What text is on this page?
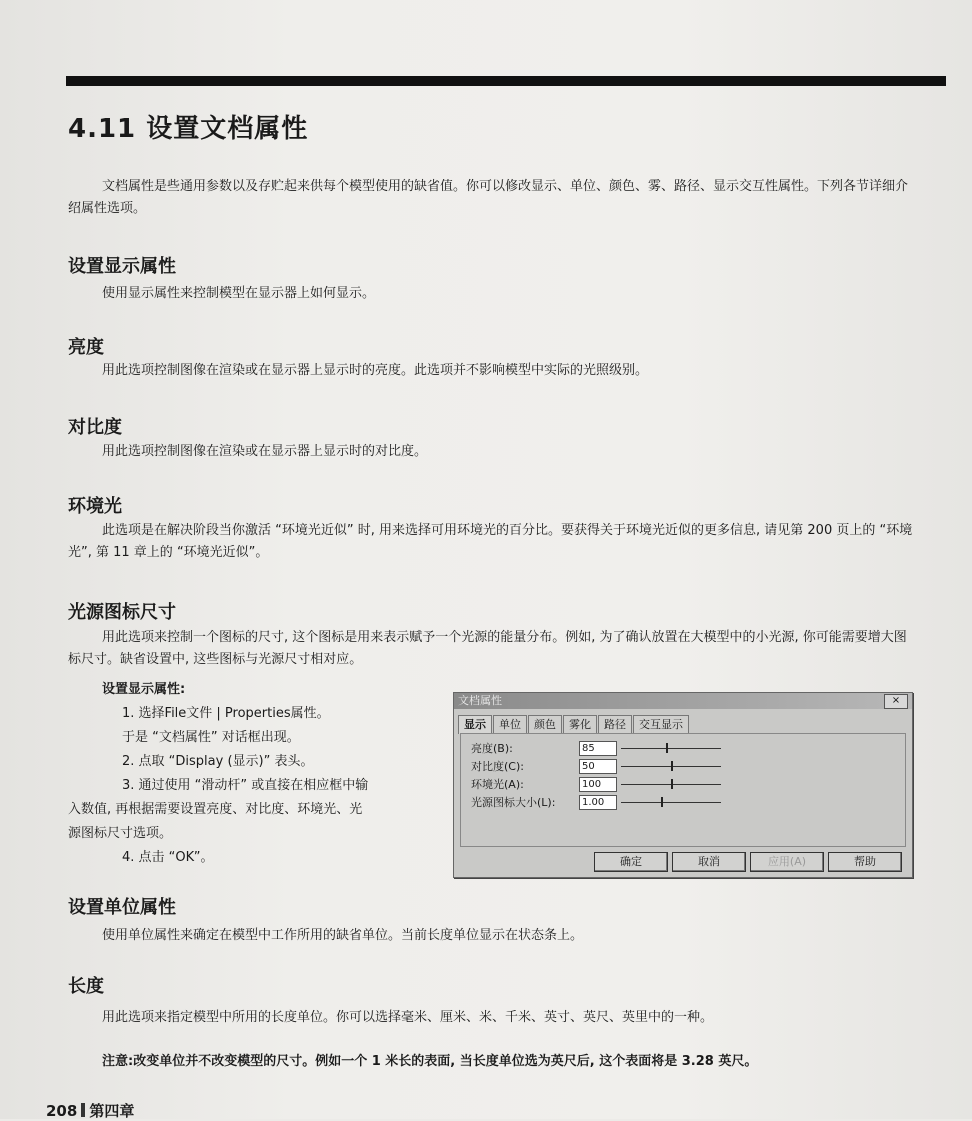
4.11 设置文档属性
文档属性是些通用参数以及存贮起来供每个模型使用的缺省值。你可以修改显示、单位、颜色、雾、路径、显示交互性属性。下列各节详细介绍属性选项。
设置显示属性
使用显示属性来控制模型在显示器上如何显示。
亮度
用此选项控制图像在渲染或在显示器上显示时的亮度。此选项并不影响模型中实际的光照级别。
对比度
用此选项控制图像在渲染或在显示器上显示时的对比度。
环境光
此选项是在解决阶段当你激活 “环境光近似” 时, 用来选择可用环境光的百分比。要获得关于环境光近似的更多信息, 请见第 200 页上的 “环境光”, 第 11 章上的 “环境光近似”。
光源图标尺寸
用此选项来控制一个图标的尺寸, 这个图标是用来表示赋予一个光源的能量分布。例如, 为了确认放置在大模型中的小光源, 你可能需要增大图标尺寸。缺省设置中, 这些图标与光源尺寸相对应。
设置显示属性:
1. 选择File文件 | Properties属性。
于是 “文档属性” 对话框出现。
2. 点取 “Display (显示)” 表头。
3. 通过使用 “滑动杆” 或直接在相应框中输
入数值, 再根据需要设置亮度、对比度、环境光、光
源图标尺寸选项。
4. 点击 “OK”。
文档属性	×
显示	单位	颜色	雾化	路径	交互显示
亮度(B):	85
对比度(C):	50
环境光(A):	100
光源图标大小(L):	1.00
确定	取消	应用(A)	帮助
设置单位属性
使用单位属性来确定在模型中工作所用的缺省单位。当前长度单位显示在状态条上。
长度
用此选项来指定模型中所用的长度单位。你可以选择毫米、厘米、米、千米、英寸、英尺、英里中的一种。
注意:改变单位并不改变模型的尺寸。例如一个 1 米长的表面, 当长度单位选为英尺后, 这个表面将是 3.28 英尺。
208 第四章
